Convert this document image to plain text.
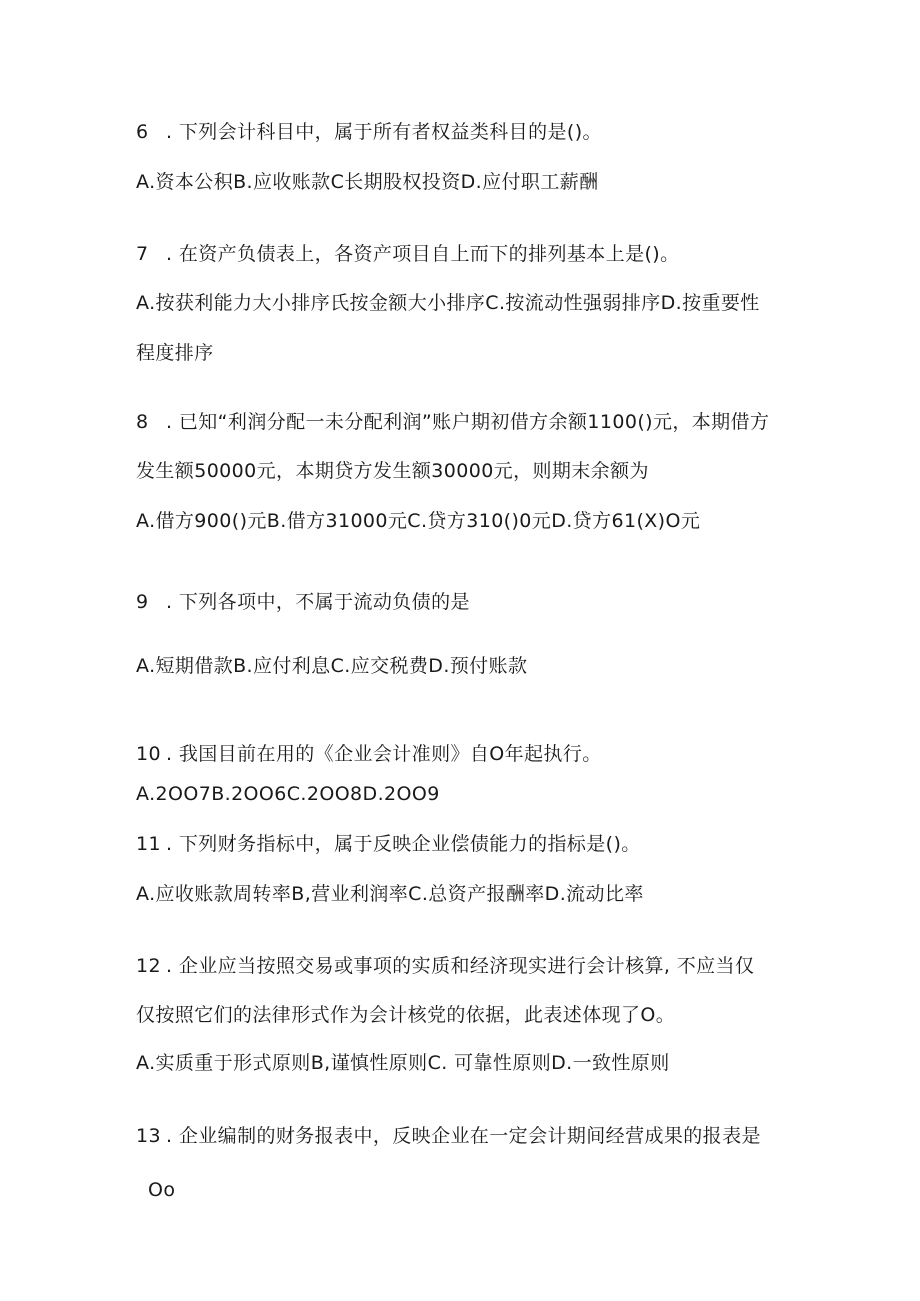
6 . 下列会计科目中，属于所有者权益类科目的是()。
A.资本公积B.应收账款C长期股权投资D.应付职工薪酬
7 . 在资产负债表上，各资产项目自上而下的排列基本上是()。
A.按获利能力大小排序氏按金额大小排序C.按流动性强弱排序D.按重要性
程度排序
8 . 已知“利润分配一未分配利润”账户期初借方余额1100()元，本期借方
发生额50000元，本期贷方发生额30000元，则期末余额为
A.借方900()元B.借方31000元C.贷方310()0元D.贷方61(X)O元
9 . 下列各项中，不属于流动负债的是
A.短期借款B.应付利息C.应交税费D.预付账款
10 . 我国目前在用的《企业会计准则》自O年起执行。
A.2OO7B.2OO6C.2OO8D.2OO9
11 . 下列财务指标中，属于反映企业偿债能力的指标是()。
A.应收账款周转率B,营业利润率C.总资产报酬率D.流动比率
12 . 企业应当按照交易或事项的实质和经济现实进行会计核算, 不应当仅
仅按照它们的法律形式作为会计核党的依据，此表述体现了O。
A.实质重于形式原则B,谨慎性原则C. 可靠性原则D.一致性原则
13 . 企业编制的财务报表中，反映企业在一定会计期间经营成果的报表是
Oo
